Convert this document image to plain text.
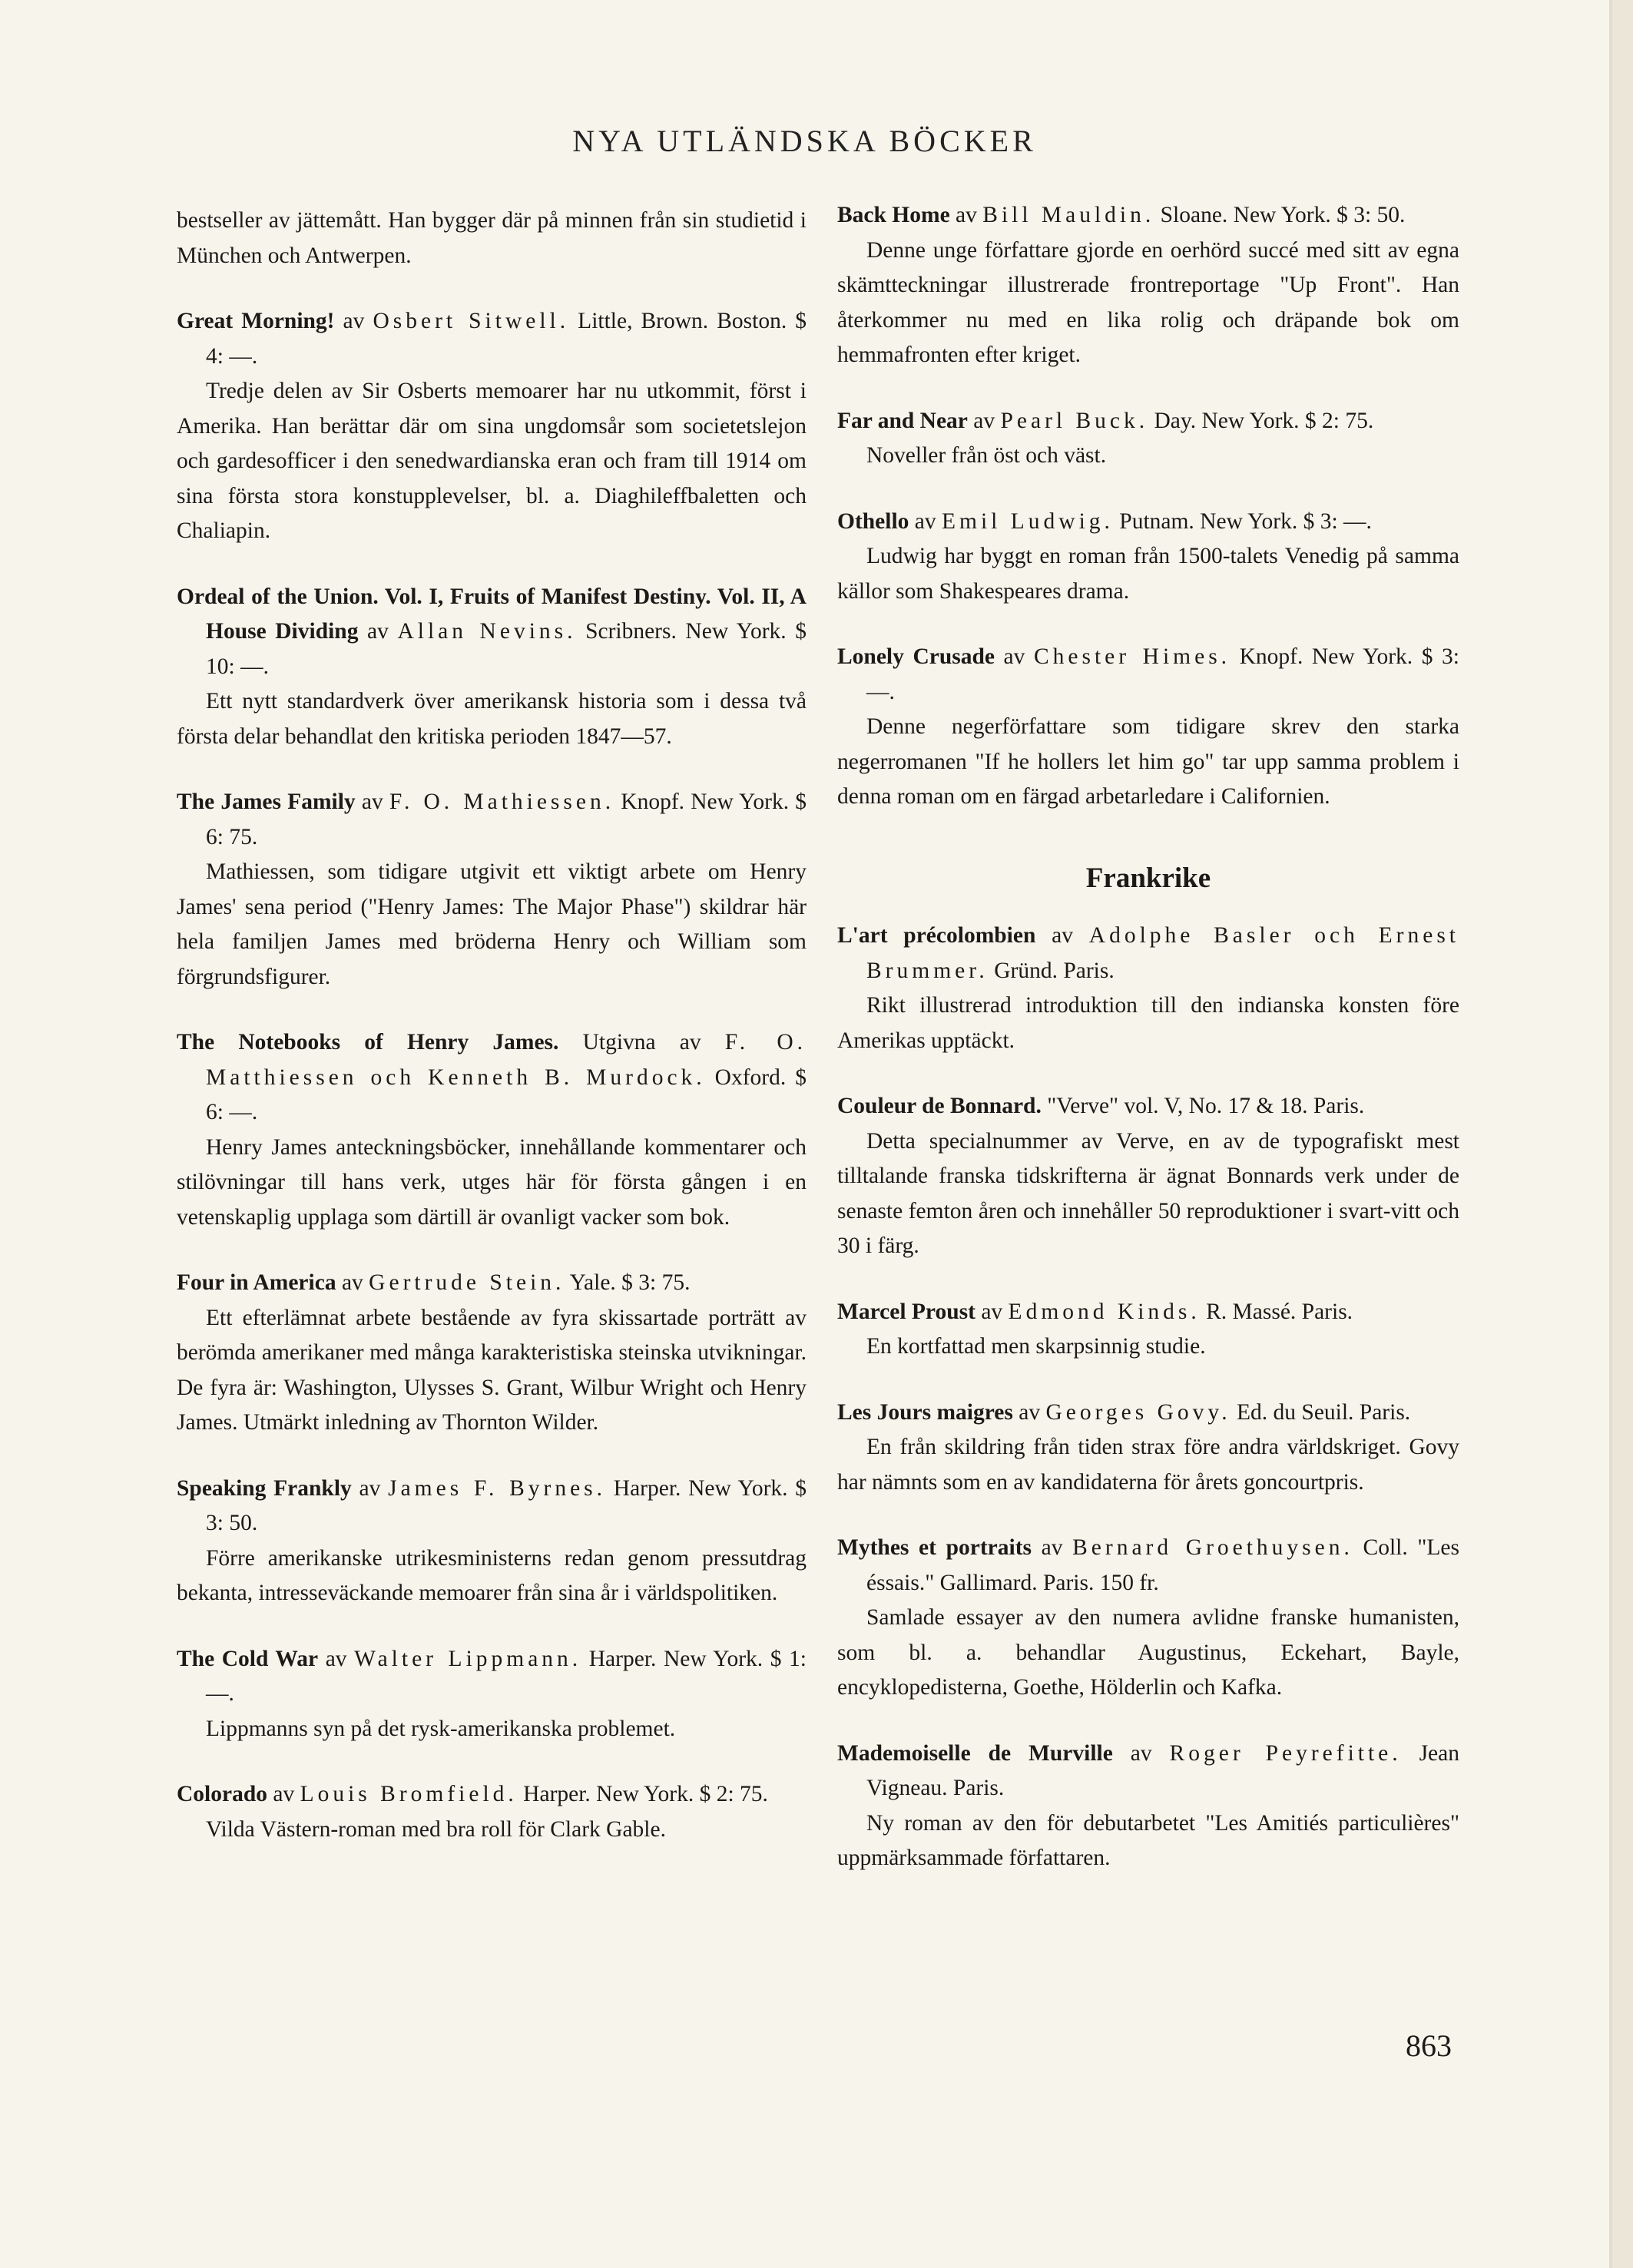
NYA UTLÄNDSKA BÖCKER

bestseller av jättemått. Han bygger där på minnen från sin studietid i München och Antwerpen.

Great Morning! av Osbert Sitwell. Little, Brown. Boston. $ 4: —.
Tredje delen av Sir Osberts memoarer har nu utkommit, först i Amerika. Han berättar där om sina ungdomsår som societetslejon och gardesofficer i den senedwardianska eran och fram till 1914 om sina första stora konstupplevelser, bl. a. Diaghileffbaletten och Chaliapin.
Ordeal of the Union. Vol. I, Fruits of Manifest Destiny. Vol. II, A House Dividing av Allan Nevins. Scribners. New York. $ 10: —.
Ett nytt standardverk över amerikansk historia som i dessa två första delar behandlat den kritiska perioden 1847—57.
The James Family av F. O. Mathiessen. Knopf. New York. $ 6: 75.
Mathiessen, som tidigare utgivit ett viktigt arbete om Henry James' sena period ("Henry James: The Major Phase") skildrar här hela familjen James med bröderna Henry och William som förgrundsfigurer.
The Notebooks of Henry James. Utgivna av F. O. Matthiessen och Kenneth B. Murdock. Oxford. $ 6: —.
Henry James anteckningsböcker, innehållande kommentarer och stilövningar till hans verk, utges här för första gången i en vetenskaplig upplaga som därtill är ovanligt vacker som bok.
Four in America av Gertrude Stein. Yale. $ 3: 75.
Ett efterlämnat arbete bestående av fyra skissartade porträtt av berömda amerikaner med många karakteristiska steinska utvikningar. De fyra är: Washington, Ulysses S. Grant, Wilbur Wright och Henry James. Utmärkt inledning av Thornton Wilder.
Speaking Frankly av James F. Byrnes. Harper. New York. $ 3: 50.
Förre amerikanske utrikesministerns redan genom pressutdrag bekanta, intresseväckande memoarer från sina år i världspolitiken.
The Cold War av Walter Lippmann. Harper. New York. $ 1: —.
Lippmanns syn på det rysk-amerikanska problemet.
Colorado av Louis Bromfield. Harper. New York. $ 2: 75.
Vilda Västern-roman med bra roll för Clark Gable.
Back Home av Bill Mauldin. Sloane. New York. $ 3: 50.
Denne unge författare gjorde en oerhörd succé med sitt av egna skämtteckningar illustrerade frontreportage "Up Front". Han återkommer nu med en lika rolig och dräpande bok om hemmafronten efter kriget.
Far and Near av Pearl Buck. Day. New York. $ 2: 75.
Noveller från öst och väst.
Othello av Emil Ludwig. Putnam. New York. $ 3: —.
Ludwig har byggt en roman från 1500-talets Venedig på samma källor som Shakespeares drama.
Lonely Crusade av Chester Himes. Knopf. New York. $ 3: —.
Denne negerförfattare som tidigare skrev den starka negerromanen "If he hollers let him go" tar upp samma problem i denna roman om en färgad arbetarledare i Californien.
Frankrike
L'art précolombien av Adolphe Basler och Ernest Brummer. Gründ. Paris.
Rikt illustrerad introduktion till den indianska konsten före Amerikas upptäckt.
Couleur de Bonnard. "Verve" vol. V, No. 17 & 18. Paris.
Detta specialnummer av Verve, en av de typografiskt mest tilltalande franska tidskrifterna är ägnat Bonnards verk under de senaste femton åren och innehåller 50 reproduktioner i svart-vitt och 30 i färg.
Marcel Proust av Edmond Kinds. R. Massé. Paris.
En kortfattad men skarpsinnig studie.
Les Jours maigres av Georges Govy. Ed. du Seuil. Paris.
En från skildring från tiden strax före andra världskriget. Govy har nämnts som en av kandidaterna för årets goncourtpris.
Mythes et portraits av Bernard Groethuysen. Coll. "Les éssais." Gallimard. Paris. 150 fr.
Samlade essayer av den numera avlidne franske humanisten, som bl. a. behandlar Augustinus, Eckehart, Bayle, encyklopedisterna, Goethe, Hölderlin och Kafka.
Mademoiselle de Murville av Roger Peyrefitte. Jean Vigneau. Paris.
Ny roman av den för debutarbetet "Les Amitiés particulières" uppmärksammade författaren.
863
